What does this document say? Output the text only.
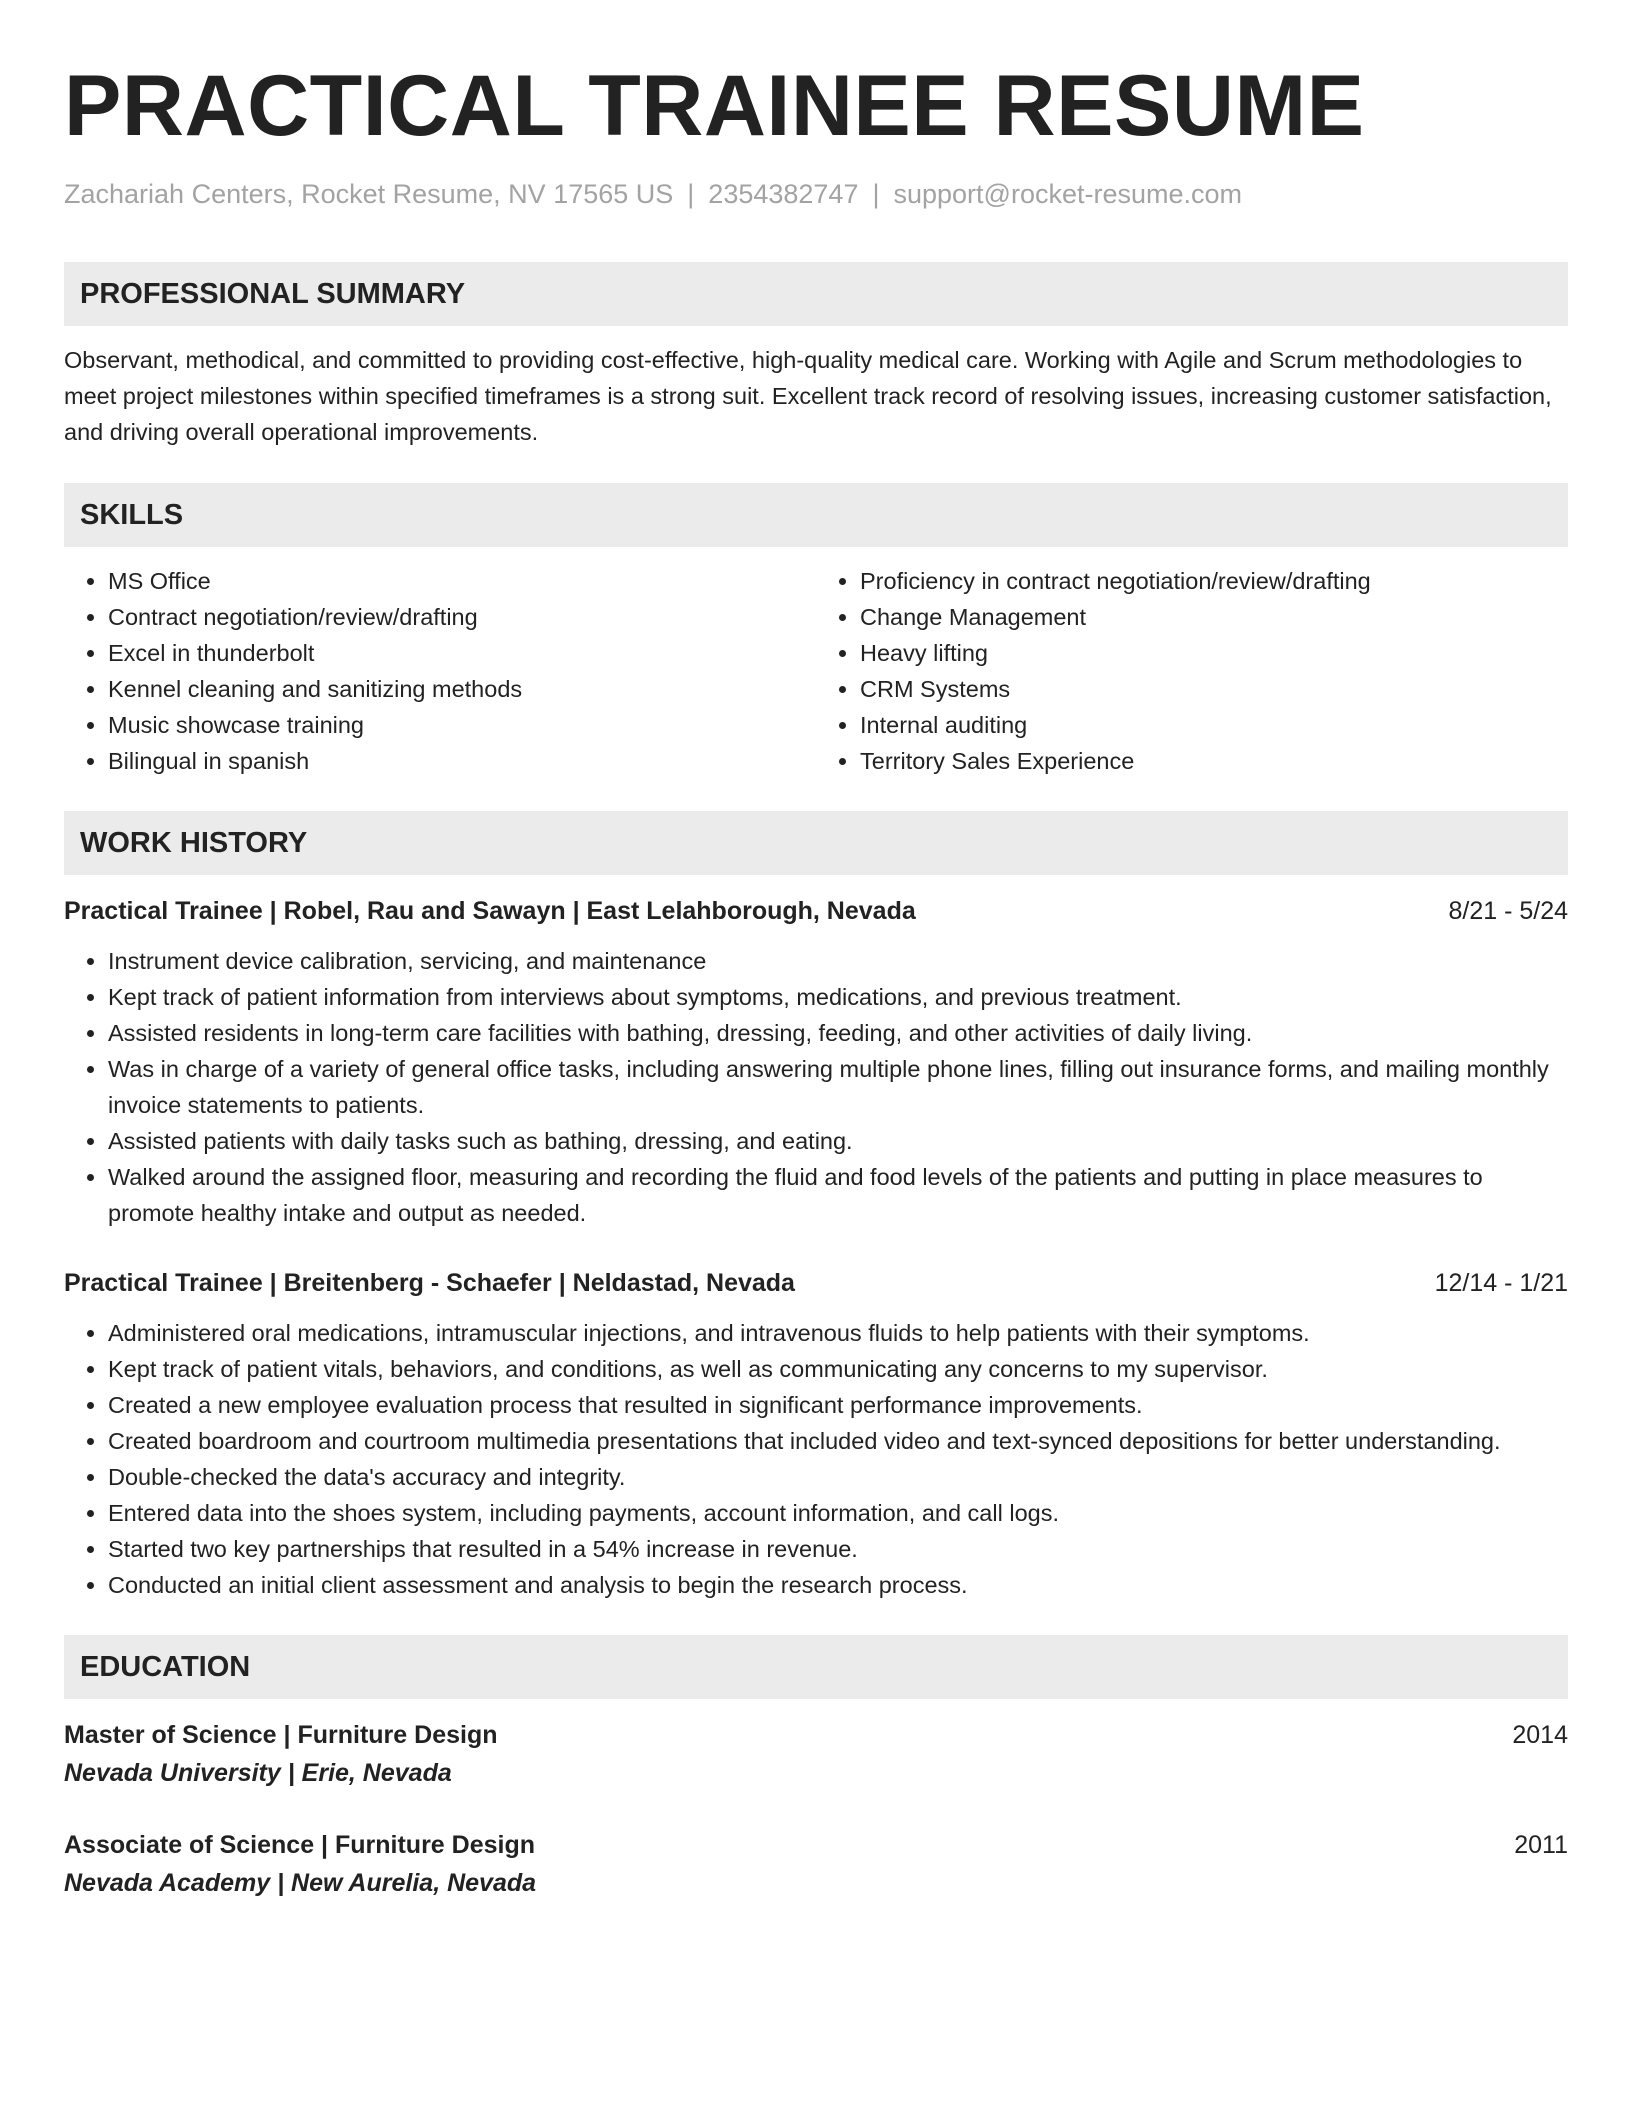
PRACTICAL TRAINEE RESUME
Zachariah Centers, Rocket Resume, NV 17565 US | 2354382747 | support@rocket-resume.com
PROFESSIONAL SUMMARY
Observant, methodical, and committed to providing cost-effective, high-quality medical care. Working with Agile and Scrum methodologies to meet project milestones within specified timeframes is a strong suit. Excellent track record of resolving issues, increasing customer satisfaction, and driving overall operational improvements.
SKILLS
• MS Office
• Contract negotiation/review/drafting
• Excel in thunderbolt
• Kennel cleaning and sanitizing methods
• Music showcase training
• Bilingual in spanish
• Proficiency in contract negotiation/review/drafting
• Change Management
• Heavy lifting
• CRM Systems
• Internal auditing
• Territory Sales Experience
WORK HISTORY
Practical Trainee | Robel, Rau and Sawayn | East Lelahborough, Nevada	8/21 - 5/24
• Instrument device calibration, servicing, and maintenance
• Kept track of patient information from interviews about symptoms, medications, and previous treatment.
• Assisted residents in long-term care facilities with bathing, dressing, feeding, and other activities of daily living.
• Was in charge of a variety of general office tasks, including answering multiple phone lines, filling out insurance forms, and mailing monthly invoice statements to patients.
• Assisted patients with daily tasks such as bathing, dressing, and eating.
• Walked around the assigned floor, measuring and recording the fluid and food levels of the patients and putting in place measures to promote healthy intake and output as needed.
Practical Trainee | Breitenberg - Schaefer | Neldastad, Nevada	12/14 - 1/21
• Administered oral medications, intramuscular injections, and intravenous fluids to help patients with their symptoms.
• Kept track of patient vitals, behaviors, and conditions, as well as communicating any concerns to my supervisor.
• Created a new employee evaluation process that resulted in significant performance improvements.
• Created boardroom and courtroom multimedia presentations that included video and text-synced depositions for better understanding.
• Double-checked the data's accuracy and integrity.
• Entered data into the shoes system, including payments, account information, and call logs.
• Started two key partnerships that resulted in a 54% increase in revenue.
• Conducted an initial client assessment and analysis to begin the research process.
EDUCATION
Master of Science | Furniture Design	2014
Nevada University | Erie, Nevada
Associate of Science | Furniture Design	2011
Nevada Academy | New Aurelia, Nevada
